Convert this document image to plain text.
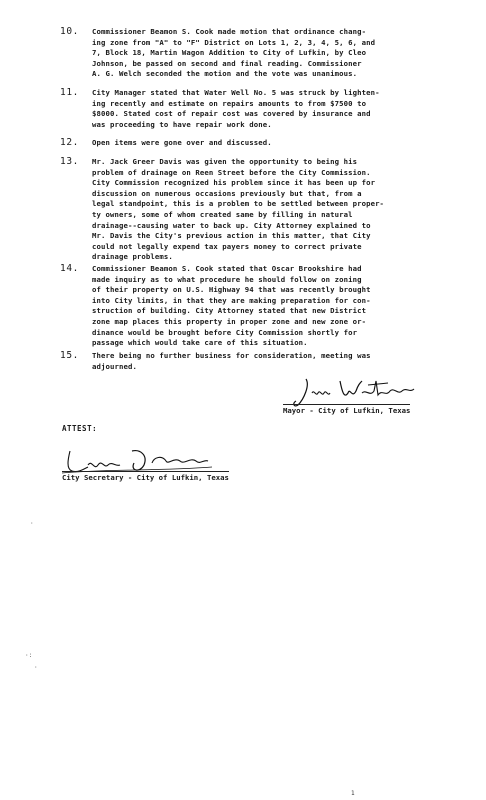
10. Commissioner Beamon S. Cook made motion that ordinance chang-
ing zone from "A" to "F" District on Lots 1, 2, 3, 4, 5, 6, and
7, Block 18, Martin Wagon Addition to City of Lufkin, by Cleo
Johnson, be passed on second and final reading. Commissioner
A. G. Welch seconded the motion and the vote was unanimous.
11. City Manager stated that Water Well No. 5 was struck by lighten-
ing recently and estimate on repairs amounts to from $7500 to
$8000. Stated cost of repair cost was covered by insurance and
was proceeding to have repair work done.
12. Open items were gone over and discussed.
13. Mr. Jack Greer Davis was given the opportunity to being his
problem of drainage on Reen Street before the City Commission.
City Commission recognized his problem since it has been up for
discussion on numerous occasions previously but that, from a
legal standpoint, this is a problem to be settled between proper-
ty owners, some of whom created same by filling in natural
drainage--causing water to back up. City Attorney explained to
Mr. Davis the City's previous action in this matter, that City
could not legally expend tax payers money to correct private
drainage problems.
14. Commissioner Beamon S. Cook stated that Oscar Brookshire had
made inquiry as to what procedure he should follow on zoning
of their property on U.S. Highway 94 that was recently brought
into City limits, in that they are making preparation for con-
struction of building. City Attorney stated that new District
zone map places this property in proper zone and new zone or-
dinance would be brought before City Commission shortly for
passage which would take care of this situation.
15. There being no further business for consideration, meeting was
adjourned.
Mayor - City of Lufkin, Texas
ATTEST:
City Secretary - City of Lufkin, Texas
·
·:
·
1
